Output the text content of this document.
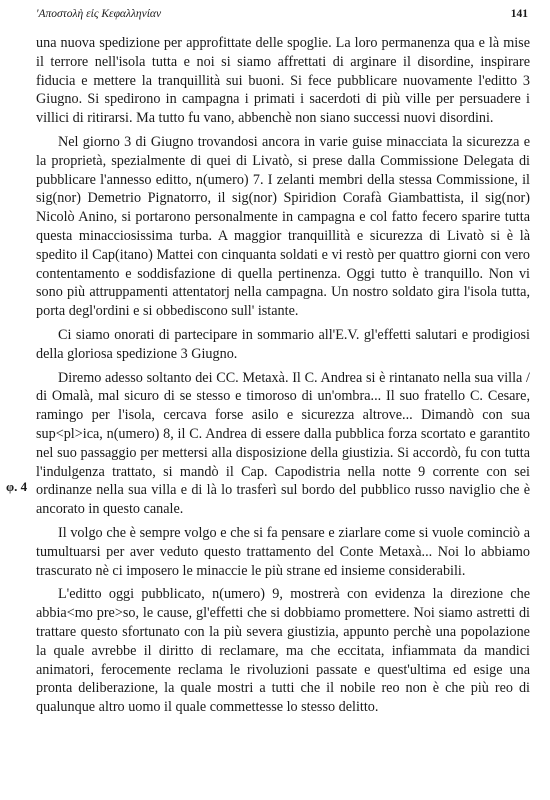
'Αποστολὴ εἰς Κεφαλληνίαν	141
φ. 4

una nuova spedizione per approfittate delle spoglie. La loro permanenza qua e là mise il terrore nell'isola tutta e noi si siamo affrettati di arginare il disordine, inspirare fiducia e mettere la tranquillità sui buoni. Si fece pubblicare nuovamente l'editto 3 Giugno. Si spedirono in campagna i primati i sacerdoti di più ville per persuadere i villici di ritirarsi. Ma tutto fu vano, abbenchè non siano successi nuovi disordini.

Nel giorno 3 di Giugno trovandosi ancora in varie guise minacciata la sicurezza e la proprietà, spezialmente di quei di Livatò, si prese dalla Commissione Delegata di pubblicare l'annesso editto, n(umero) 7. I zelanti membri della stessa Commissione, il sig(nor) Demetrio Pignatorro, il sig(nor) Spiridion Corafà Giambattista, il sig(nor) Nicolò Anino, si portarono personalmente in campagna e col fatto fecero sparire tutta questa minacciosissima turba. A maggior tranquillità e sicurezza di Livatò si è là spedito il Cap(itano) Mattei con cinquanta soldati e vi restò per quattro giorni con vero contentamento e soddisfazione di quella pertinenza. Oggi tutto è tranquillo. Non vi sono più attruppamenti attentatorj nella campagna. Un nostro soldato gira l'isola tutta, porta degl'ordini e si obbediscono sull' istante.

Ci siamo onorati di partecipare in sommario all'E.V. gl'effetti salutari e prodigiosi della gloriosa spedizione 3 Giugno.

Diremo adesso soltanto dei CC. Metaxà. Il C. Andrea si è rintanato nella sua villa / di Omalà, mal sicuro di se stesso e timoroso di un'ombra... Il suo fratello C. Cesare, ramingo per l'isola, cercava forse asilo e sicurezza altrove... Dimandò con sua sup<pl>ica, n(umero) 8, il C. Andrea di essere dalla pubblica forza scortato e garantito nel suo passaggio per mettersi alla disposizione della giustizia. Si accordò, fu con tutta l'indulgenza trattato, si mandò il Cap. Capodistria nella notte 9 corrente con sei ordinanze nella sua villa e di là lo trasferì sul bordo del pubblico russo naviglio che è ancorato in questo canale.

Il volgo che è sempre volgo e che si fa pensare e ziarlare come si vuole cominciò a tumultuarsi per aver veduto questo trattamento del Conte Metaxà... Noi lo abbiamo trascurato nè ci imposero le minaccie le più strane ed insieme considerabili.

L'editto oggi pubblicato, n(umero) 9, mostrerà con evidenza la direzione che abbia<mo pre>so, le cause, gl'effetti che si dobbiamo promettere. Noi siamo astretti di trattare questo sfortunato con la più severa giustizia, appunto perchè una popolazione la quale avrebbe il diritto di reclamare, ma che eccitata, infiammata da mandici animatori, ferocemente reclama le rivoluzioni passate e quest'ultima ed esige una pronta deliberazione, la quale mostri a tutti che il nobile reo non è che più reo di qualunque altro uomo il quale commettesse lo stesso delitto.
